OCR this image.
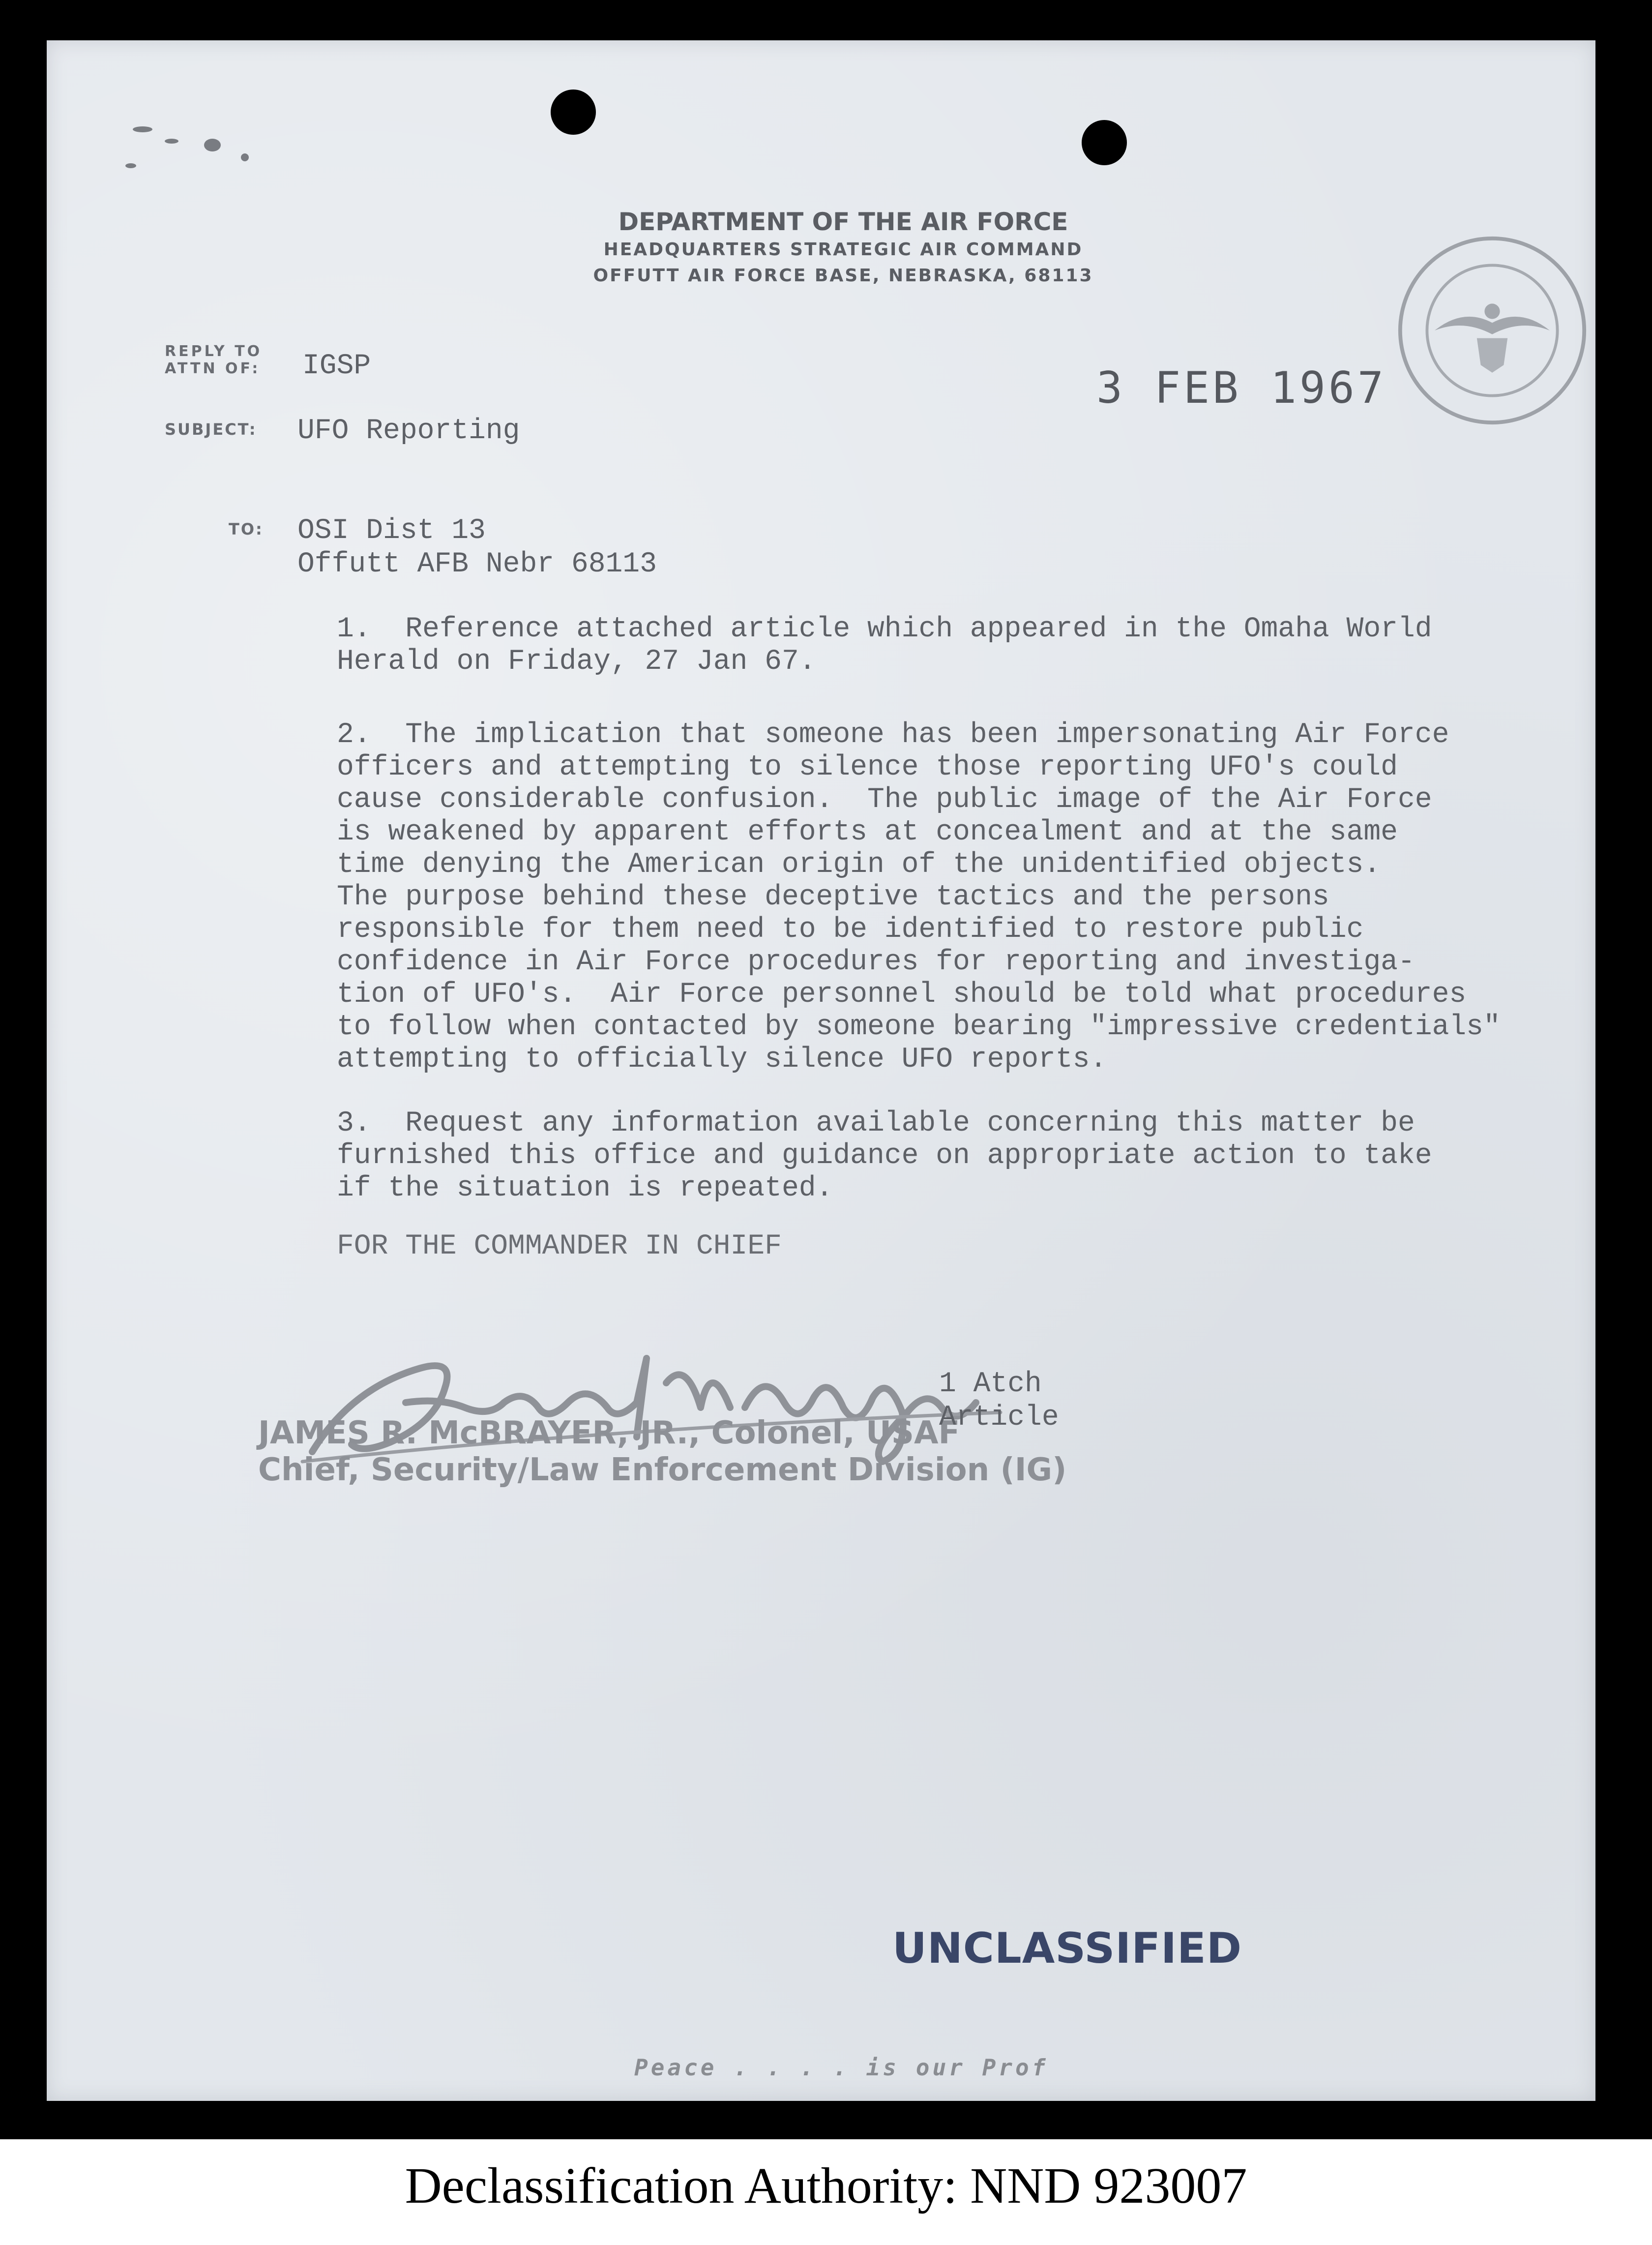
DEPARTMENT OF THE AIR FORCE
HEADQUARTERS STRATEGIC AIR COMMAND
OFFUTT AIR FORCE BASE, NEBRASKA, 68113
3 FEB 1967
REPLY TO
ATTN OF: IGSP
SUBJECT: UFO Reporting
TO: OSI Dist 13
Offutt AFB Nebr 68113
1.  Reference attached article which appeared in the Omaha World
Herald on Friday, 27 Jan 67.
2.  The implication that someone has been impersonating Air Force
officers and attempting to silence those reporting UFO's could
cause considerable confusion.  The public image of the Air Force
is weakened by apparent efforts at concealment and at the same
time denying the American origin of the unidentified objects.
The purpose behind these deceptive tactics and the persons
responsible for them need to be identified to restore public
confidence in Air Force procedures for reporting and investiga-
tion of UFO's.  Air Force personnel should be told what procedures
to follow when contacted by someone bearing "impressive credentials"
attempting to officially silence UFO reports.
3.  Request any information available concerning this matter be
furnished this office and guidance on appropriate action to take
if the situation is repeated.
FOR THE COMMANDER IN CHIEF
JAMES R. McBRAYER, JR., Colonel, USAF
Chief, Security/Law Enforcement Division (IG)
1 Atch
Article
UNCLASSIFIED
Peace . . . . is our Prof
Declassification Authority: NND 923007
